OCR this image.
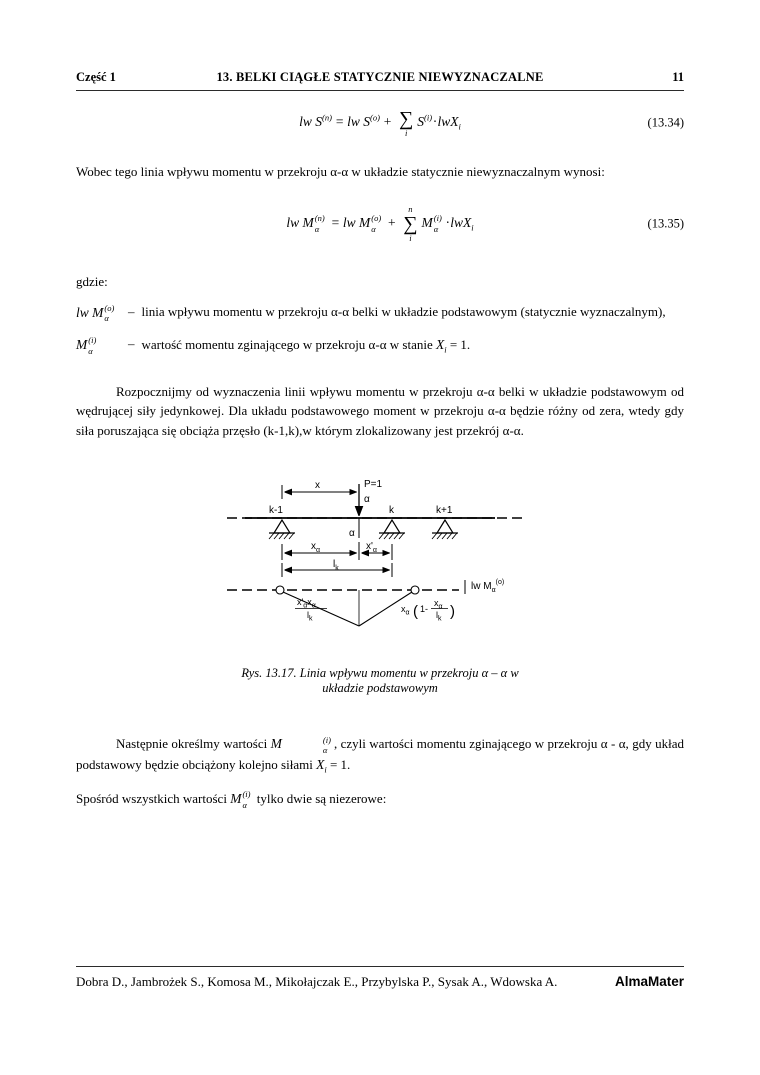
Część 1	13. BELKI CIĄGŁE STATYCZNIE NIEWYZNACZALNE	11
lw $S^{(n)}$ = lw $S^{(o)}$ + ∑
i
$S^{(i)}\cdot lwX_i$	(13.34)

Wobec tego linia wpływu momentu w przekroju α-α w układzie statycznie niewyznaczalnym wynosi:

lw M (n)
α = lw M (o)
α +
n
∑
i
M (i)
α ·lwX$_i$	(13.35)

gdzie:

lw M (o)
α – linia wpływu momentu w przekroju α-α belki w układzie podstawowym (statycznie wyznaczalnym),
M (i)
α	– wartość momentu zginającego w przekroju α-α w stanie $X_i = 1$.

Rozpocznijmy od wyznaczenia linii wpływu momentu w przekroju α-α belki w układzie podstawowym od wędrującej siły jedynkowej. Dla układu podstawowego moment w przekroju α-α będzie różny od zera, wtedy gdy siła poruszająca się obciąża przęsło (k-1,k),w którym zlokalizowany jest przekrój α-α.

k-1	k	k+1
P=1
α
x
α
$x_\alpha$	$x'_\alpha$
$l_k$
$x'_\alpha x_\alpha$
$l_k$
$x_\alpha$ ( 1-
$x_\alpha$
$l_k$ )
lw $M_\alpha^{(o)}$
Rys. 13.17. Linia wpływu momentu w przekroju α – α w układzie podstawowym

Następnie określmy wartości M	(i)
α , czyli wartości momentu zginającego w przekroju α - α, gdy układ podstawowy będzie obciążony kolejno siłami $X_i = 1$.

Spośród wszystkich wartości M (i)
α tylko dwie są niezerowe:

Dobra D., Jambrożek S., Komosa M., Mikołajczak E., Przybylska P., Sysak A., Wdowska A.	AlmaMater
